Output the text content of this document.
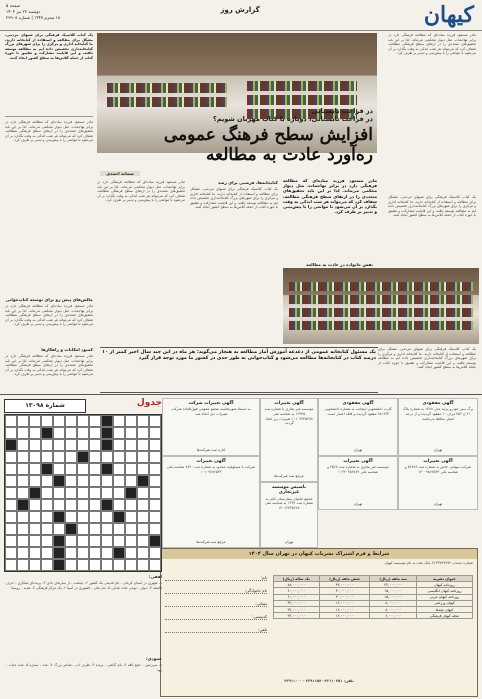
کیهان
گزارش روز
صفحه ۵
دوشنبه ۲۳ تیر ۱۴۰۴
۱۸ محرم ۱۴۴۷ | شماره ۲۳۹۰۸
مادر مسعود فرزند ساده‌ای که مطالعه فرهنگی دارد در برابر تهاجمات، مثل دیوار محکمی می‌ماند. لذا بر این باید تحقیق‌های متعددی را در ارتقای سطح فرهنگی مطالعه، شفاف کرد که می‌تواند هر شب اندکی به وقت بگذارد بر آن می‌شود تا موانعی را با پیش‌بینی و تدبیر بر طرف کرد.
یک کتاب کلاسیک فرهنگی برای شبهای مردمی، مشکل برای مطالعه و استفاده از کتابخانه دارند، ما کتابخانه اداری و مرکزی را برای شهرهای بزرگ کتابخانه‌داری تخصیص داده ایم به مطالعه توسعه یافته، و این قابلیت مشارکت و تطبیق با حوزه کتاب از جمله کلاس‌ها به سطح کشور ایجاد کنند.
در فراغت تابستانی
در فراغت تابستانی، دوباره با کتاب مهربان شویم؟
افزایش سطح فرهنگ عمومی
ره‌آورد عادت به مطالعه
سمانه احمدی
یک کتاب کلاسیک فرهنگی برای شبهای مردمی، مشکل برای مطالعه و استفاده از کتابخانه دارند، ما کتابخانه اداری و مرکزی را برای شهرهای بزرگ کتابخانه‌داری تخصیص داده ایم به مطالعه توسعه یافته، و این قابلیت مشارکت و تطبیق با حوزه کتاب از جمله کلاس‌ها به سطح کشور ایجاد کنند.
مادر مسعود فرزند ساده‌ای که مطالعه فرهنگی دارد در برابر تهاجمات، مثل دیوار محکمی می‌ماند. لذا بر این باید تحقیق‌های متعددی را در ارتقای سطح فرهنگی مطالعه، شفاف کرد که می‌تواند هر شب اندکی به وقت بگذارد بر آن می‌شود تا موانعی را با پیش‌بینی و تدبیر بر طرف کرد.
چالش‌های پیش رو برای توسعه کتاب‌خوانی
مادر مسعود فرزند ساده‌ای که مطالعه فرهنگی دارد در برابر تهاجمات، مثل دیوار محکمی می‌ماند. لذا بر این باید تحقیق‌های متعددی را در ارتقای سطح فرهنگی مطالعه، شفاف کرد که می‌تواند هر شب اندکی به وقت بگذارد بر آن می‌شود تا موانعی را با پیش‌بینی و تدبیر بر طرف کرد.
مادر مسعود فرزند ساده‌ای که مطالعه فرهنگی دارد در برابر تهاجمات، مثل دیوار محکمی می‌ماند. لذا بر این باید تحقیق‌های متعددی را در ارتقای سطح فرهنگی مطالعه، شفاف کرد که می‌تواند هر شب اندکی به وقت بگذارد بر آن می‌شود تا موانعی را با پیش‌بینی و تدبیر بر طرف کرد.
کتابخانه‌ها، فرصتی برای رشد
یک کتاب کلاسیک فرهنگی برای شبهای مردمی، مشکل برای مطالعه و استفاده از کتابخانه دارند، ما کتابخانه اداری و مرکزی را برای شهرهای بزرگ کتابخانه‌داری تخصیص داده ایم به مطالعه توسعه یافته، و این قابلیت مشارکت و تطبیق با حوزه کتاب از جمله کلاس‌ها به سطح کشور ایجاد کنند.
نقش خانواده در عادت به مطالعه
مادر مسعود فرزند ساده‌ای که مطالعه فرهنگی دارد در برابر تهاجمات، مثل دیوار محکمی می‌ماند. لذا بر این باید تحقیق‌های متعددی را در ارتقای سطح فرهنگی مطالعه، شفاف کرد که می‌تواند هر شب اندکی به وقت بگذارد بر آن می‌شود تا موانعی را با پیش‌بینی و تدبیر بر طرف کرد.
یک مسئول کتابخانه عمومی از دغدغه آموزش آمار مطالعه به هنجار می‌گوید: هر ماه در این چند سال اخیر کمتر از ۱۰ درصد کتاب در کتابخانه‌ها مطالعه می‌شود و کتاب‌خوانی به طور جدی در کشور ما مورد توجه قرار گیرد
یک کتاب کلاسیک فرهنگی برای شبهای مردمی، مشکل برای مطالعه و استفاده از کتابخانه دارند، ما کتابخانه اداری و مرکزی را برای شهرهای بزرگ کتابخانه‌داری تخصیص داده ایم به مطالعه توسعه یافته، و این قابلیت مشارکت و تطبیق با حوزه کتاب از جمله کلاس‌ها به سطح کشور ایجاد کنند.
کمبود امکانات و راهکارها
مادر مسعود فرزند ساده‌ای که مطالعه فرهنگی دارد در برابر تهاجمات، مثل دیوار محکمی می‌ماند. لذا بر این باید تحقیق‌های متعددی را در ارتقای سطح فرهنگی مطالعه، شفاف کرد که می‌تواند هر شب اندکی به وقت بگذارد بر آن می‌شود تا موانعی را با پیش‌بینی و تدبیر بر طرف کرد.
آگهی مفقودی
برگ سبز خودرو پراید مدل ۱۳۸۸ به شماره پلاک ۲۱ ج ۴۵۶ ایران ۱۰ مفقود گردیده و از درجه اعتبار ساقط می‌باشد.
تهران
آگهی مفقودی
کارت دانشجویی اینجانب به شماره دانشجویی ۹۸۱۲۳۴ مفقود گردیده و فاقد اعتبار است.
تهران
آگهی تغییرات
موسسه غیر تجاری با شماره ثبت ۱۲۳۴۵ به شناسه ملی ۱۰۱۰۲۳۴۵۶۷۸ تغییرات زیر اتخاذ گردید.
مرجع ثبت شرکت‌ها
آگهی تغییرات شرکت
به استناد صورتجلسه مجمع عمومی فوق‌العاده شرکت تغییرات ذیل اتخاذ شد.
اداره ثبت شرکت‌ها
آگهی تغییرات
شرکت سهامی خاص به شماره ثبت ۵۶۷۸۹ و شناسه ملی ۱۴۰۰۹۸۷۶۵۴۳
تهران
آگهی تغییرات
موسسه غیر تجاری به شماره ثبت ۴۵۶۷ و شناسه ملی ۱۰۳۲۰۴۵۶۷۸۹
تهران
تاسیس موسسه غیرتجاری
مجمع حامیان بیمارستان کیان به شماره ثبت ۱۲۳۴ به شناسه ملی ۱۴۰۱۲۳۴۵۶۷۸
تهران
آگهی تغییرات
شرکت با مسئولیت محدود به شماره ثبت ۷۸۹۰ شناسه ملی ۱۰۱۰۹۸۷۶۵۴۳
مرجع ثبت شرکت‌ها
شرایط و فرم اشتراک نشریات کیهان در تهران سال ۱۴۰۴
شماره حساب ۲۱۳۳۷۳۹۹۹۳ بانک ملت به نام موسسه کیهان
عنوان نشریه	سه ماهه (ریال)	شش ماهه (ریال)	یک ساله (ریال)
روزنامه کیهان	۲۲,۰۰۰,۰۰۰	۴۴,۰۰۰,۰۰۰	۸۸,۰۰۰,۰۰۰
روزنامه کیهان انگلیسی	۱۵,۰۰۰,۰۰۰	۳۰,۰۰۰,۰۰۰	۶۰,۰۰۰,۰۰۰
روزنامه کیهان عربی	۱۵,۰۰۰,۰۰۰	۳۰,۰۰۰,۰۰۰	۶۰,۰۰۰,۰۰۰
کیهان ورزشی	۸,۰۰۰,۰۰۰	۱۶,۰۰۰,۰۰۰	۳۲,۰۰۰,۰۰۰
کیهان بچه‌ها	۸,۰۰۰,۰۰۰	۱۶,۰۰۰,۰۰۰	۳۲,۰۰۰,۰۰۰
مجله کیهان فرهنگی	۶,۰۰۰,۰۰۰	۱۲,۰۰۰,۰۰۰	۲۴,۰۰۰,۰۰۰
نام:
نام خانوادگی:
نشانی:
کدپستی:
تلفن:
تلفن: ۳۳۱۱۰۲۵۱-۳۳۹۱۱۵۷۰ - ۳۳۹۱۱۰۰۰
جدول
شماره ۱۳۰۹۸
افقی:
۱- شهری در استان کرمان - نام قدیمی یک کشور ۲- پایتخت - از سازهای بادی ۳- پرنده‌ای شکاری - حرف فاصله ۴- دیوار - نوعی ماده غذایی ۵- نام مادر - کشوری در آسیا ۶- یک مرکز فرهنگی ۷- هدیه - روستا
عمودی:
۱- سرزمین - جمع ناقه ۲- نام گیاهی - پرنده ۳- ظرف آب - شاعر بزرگ ۴- عدد - ستاره ۵- مایه حیات - رود
